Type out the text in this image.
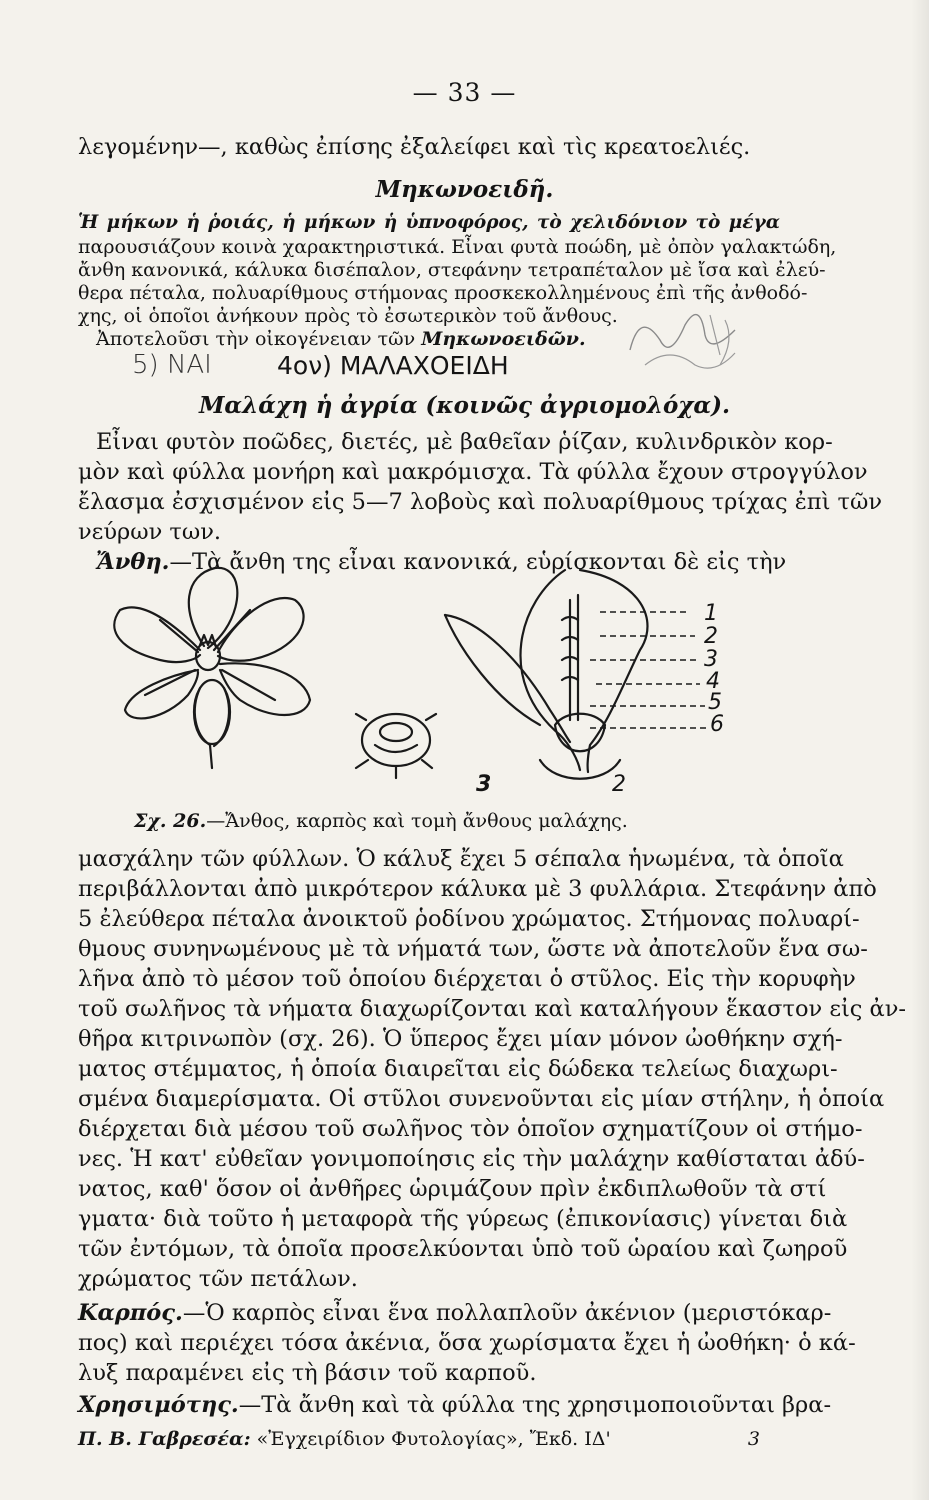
— 33 —
λεγομένην—, καθὼς ἐπίσης ἐξαλείφει καὶ τὶς κρεατοελιές.
Μηκωνοειδῆ.
Ἡ μήκων ἡ ῥοιάς, ἡ μήκων ἡ ὑπνοφόρος, τὸ χελιδόνιον τὸ μέγα
παρουσιάζουν κοινὰ χαρακτηριστικά. Εἶναι φυτὰ ποώδη, μὲ ὀπὸν γαλακτώδη,
ἄνθη κανονικά, κάλυκα δισέπαλον, στεφάνην τετραπέταλον μὲ ἴσα καὶ ἐλεύ-
θερα πέταλα, πολυαρίθμους στήμονας προσκεκολλημένους ἐπὶ τῆς ἀνθοδό-
χης, οἱ ὁποῖοι ἀνήκουν πρὸς τὸ ἐσωτερικὸν τοῦ ἄνθους.
Ἀποτελοῦσι τὴν οἰκογένειαν τῶν Μηκωνοειδῶν.
5) ΝΑΙ	4ον) ΜΑΛΑΧΟΕΙΔΗ
Μαλάχη ἡ ἀγρία (κοινῶς ἀγριομολόχα).
Εἶναι φυτὸν ποῶδες, διετές, μὲ βαθεῖαν ῥίζαν, κυλινδρικὸν κορ-
μὸν καὶ φύλλα μονήρη καὶ μακρόμισχα. Τὰ φύλλα ἔχουν στρογγύλον
ἔλασμα ἐσχισμένον εἰς 5—7 λοβοὺς καὶ πολυαρίθμους τρίχας ἐπὶ τῶν
νεύρων των.
Ἄνθη.—Τὰ ἄνθη της εἶναι κανονικά, εὑρίσκονται δὲ εἰς τὴν
1
2
3
4
5
6
3	2
Σχ. 26.—Ἄνθος, καρπὸς καὶ τομὴ ἄνθους μαλάχης.
μασχάλην τῶν φύλλων. Ὁ κάλυξ ἔχει 5 σέπαλα ἡνωμένα, τὰ ὁποῖα
περιβάλλονται ἀπὸ μικρότερον κάλυκα μὲ 3 φυλλάρια. Στεφάνην ἀπὸ
5 ἐλεύθερα πέταλα ἀνοικτοῦ ῥοδίνου χρώματος. Στήμονας πολυαρί-
θμους συνηνωμένους μὲ τὰ νήματά των, ὥστε νὰ ἀποτελοῦν ἕνα σω-
λῆνα ἀπὸ τὸ μέσον τοῦ ὁποίου διέρχεται ὁ στῦλος. Εἰς τὴν κορυφὴν
τοῦ σωλῆνος τὰ νήματα διαχωρίζονται καὶ καταλήγουν ἕκαστον εἰς ἀν-
θῆρα κιτρινωπὸν (σχ. 26). Ὁ ὕπερος ἔχει μίαν μόνον ὠοθήκην σχή-
ματος στέμματος, ἡ ὁποία διαιρεῖται εἰς δώδεκα τελείως διαχωρι-
σμένα διαμερίσματα. Οἱ στῦλοι συνενοῦνται εἰς μίαν στήλην, ἡ ὁποία
διέρχεται διὰ μέσου τοῦ σωλῆνος τὸν ὁποῖον σχηματίζουν οἱ στήμο-
νες. Ἡ κατ' εὐθεῖαν γονιμοποίησις εἰς τὴν μαλάχην καθίσταται ἀδύ-
νατος, καθ' ὅσον οἱ ἀνθῆρες ὡριμάζουν πρὶν ἐκδιπλωθοῦν τὰ στί
γματα· διὰ τοῦτο ἡ μεταφορὰ τῆς γύρεως (ἐπικονίασις) γίνεται διὰ
τῶν ἐντόμων, τὰ ὁποῖα προσελκύονται ὑπὸ τοῦ ὡραίου καὶ ζωηροῦ
χρώματος τῶν πετάλων.
Καρπός.—Ὁ καρπὸς εἶναι ἕνα πολλαπλοῦν ἀκένιον (μεριστόκαρ-
πος) καὶ περιέχει τόσα ἀκένια, ὅσα χωρίσματα ἔχει ἡ ὠοθήκη· ὁ κά-
λυξ παραμένει εἰς τὴ βάσιν τοῦ καρποῦ.
Χρησιμότης.—Τὰ ἄνθη καὶ τὰ φύλλα της χρησιμοποιοῦνται βρα-
Π. Β. Γαβρεσέα: «Ἐγχειρίδιον Φυτολογίας», Ἔκδ. ΙΔ'	3
